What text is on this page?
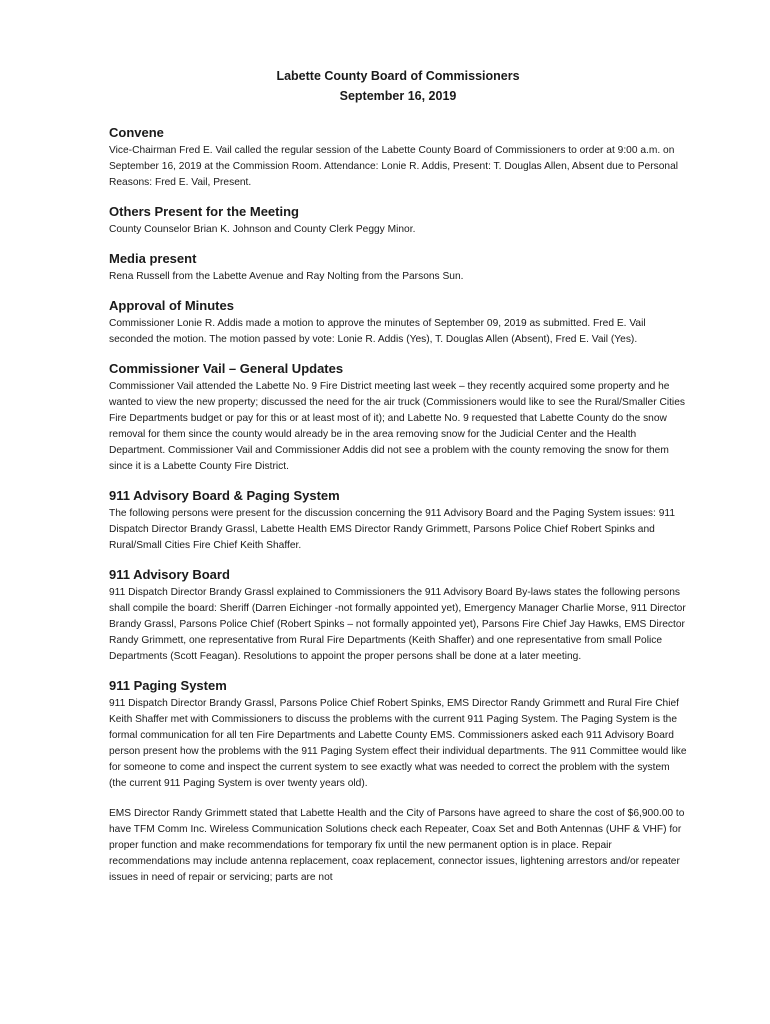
Labette County Board of Commissioners

September 16, 2019

Convene

Vice-Chairman Fred E. Vail called the regular session of the Labette County Board of Commissioners to order at 9:00 a.m. on September 16, 2019 at the Commission Room. Attendance: Lonie R. Addis, Present: T. Douglas Allen, Absent due to Personal Reasons: Fred E. Vail, Present.

Others Present for the Meeting

County Counselor Brian K. Johnson and County Clerk Peggy Minor.

Media present

Rena Russell from the Labette Avenue and Ray Nolting from the Parsons Sun.

Approval of Minutes

Commissioner Lonie R. Addis made a motion to approve the minutes of September 09, 2019 as submitted. Fred E. Vail seconded the motion. The motion passed by vote: Lonie R. Addis (Yes), T. Douglas Allen (Absent), Fred E. Vail (Yes).

Commissioner Vail – General Updates

Commissioner Vail attended the Labette No. 9 Fire District meeting last week – they recently acquired some property and he wanted to view the new property; discussed the need for the air truck (Commissioners would like to see the Rural/Smaller Cities Fire Departments budget or pay for this or at least most of it); and Labette No. 9 requested that Labette County do the snow removal for them since the county would already be in the area removing snow for the Judicial Center and the Health Department. Commissioner Vail and Commissioner Addis did not see a problem with the county removing the snow for them since it is a Labette County Fire District.

911 Advisory Board & Paging System

The following persons were present for the discussion concerning the 911 Advisory Board and the Paging System issues: 911 Dispatch Director Brandy Grassl, Labette Health EMS Director Randy Grimmett, Parsons Police Chief Robert Spinks and Rural/Small Cities Fire Chief Keith Shaffer.

911 Advisory Board

911 Dispatch Director Brandy Grassl explained to Commissioners the 911 Advisory Board By-laws states the following persons shall compile the board: Sheriff (Darren Eichinger -not formally appointed yet), Emergency Manager Charlie Morse, 911 Director Brandy Grassl, Parsons Police Chief (Robert Spinks – not formally appointed yet), Parsons Fire Chief Jay Hawks, EMS Director Randy Grimmett, one representative from Rural Fire Departments (Keith Shaffer) and one representative from small Police Departments (Scott Feagan). Resolutions to appoint the proper persons shall be done at a later meeting.

911 Paging System

911 Dispatch Director Brandy Grassl, Parsons Police Chief Robert Spinks, EMS Director Randy Grimmett and Rural Fire Chief Keith Shaffer met with Commissioners to discuss the problems with the current 911 Paging System. The Paging System is the formal communication for all ten Fire Departments and Labette County EMS. Commissioners asked each 911 Advisory Board person present how the problems with the 911 Paging System effect their individual departments. The 911 Committee would like for someone to come and inspect the current system to see exactly what was needed to correct the problem with the system (the current 911 Paging System is over twenty years old).

EMS Director Randy Grimmett stated that Labette Health and the City of Parsons have agreed to share the cost of $6,900.00 to have TFM Comm Inc. Wireless Communication Solutions check each Repeater, Coax Set and Both Antennas (UHF & VHF) for proper function and make recommendations for temporary fix until the new permanent option is in place. Repair recommendations may include antenna replacement, coax replacement, connector issues, lightening arrestors and/or repeater issues in need of repair or servicing; parts are not
